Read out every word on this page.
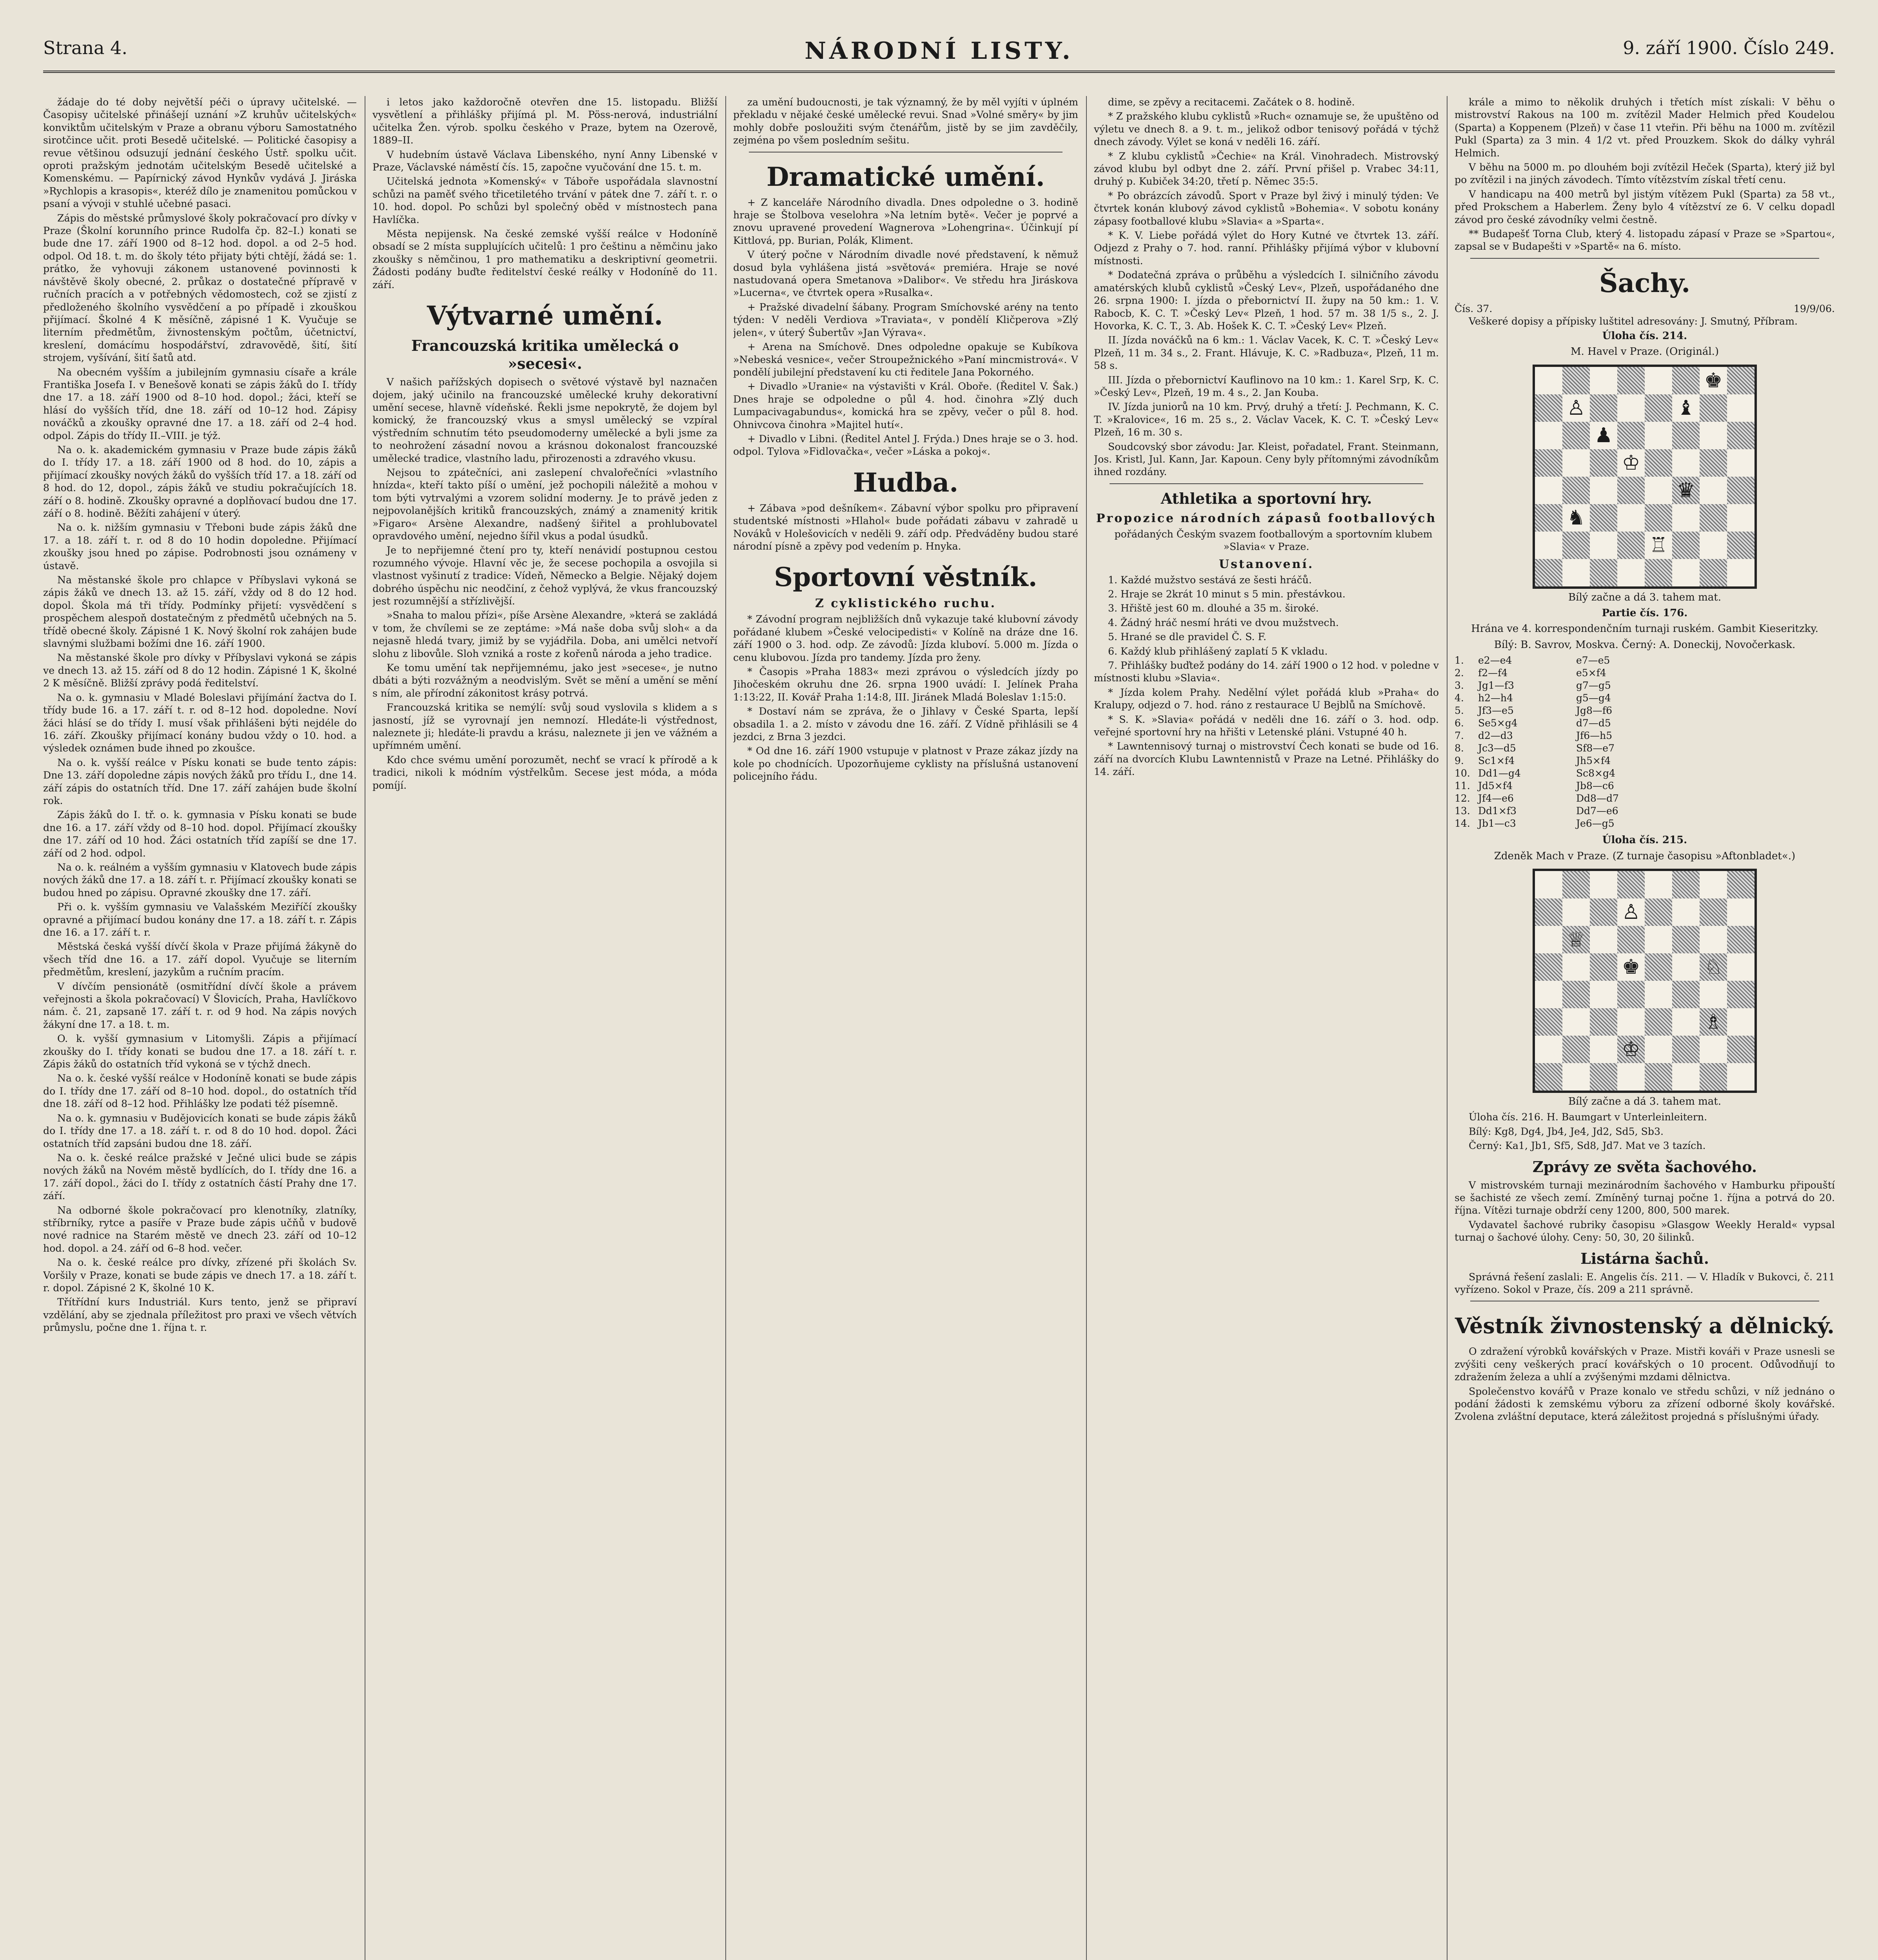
Strana 4.	NÁRODNÍ LISTY.	9. září 1900. Číslo 249.

žádaje do té doby největší péči o úpravy učitelské. — Časopisy učitelské přinášejí uznání »Z kruhův učitelských« konviktům učitelským v Praze a obranu výboru Samostatného sirotčince učit. proti Besedě učitelské. — Politické časopisy a revue většinou odsuzují jednání českého Ústř. spolku učit. oproti pražským jednotám učitelským Besedě učitelské a Komenskému. — Papírnický závod Hynkův vydává J. Jiráska »Rychlopis a krasopis«, kteréž dílo je znamenitou pomůckou v psaní a vývoji v stuhlé učebné pasaci.

Zápis do městské průmyslové školy pokračovací pro dívky v Praze (Školní korunního prince Rudolfa čp. 82–I.) konati se bude dne 17. září 1900 od 8–12 hod. dopol. a od 2–5 hod. odpol. Od 18. t. m. do školy této přijaty býti chtějí, žádá se: 1. prátko, že vyhovuji zákonem ustanovené povinnosti k návštěvě školy obecné, 2. průkaz o dostatečné přípravě v ručních pracích a v potřebných vědomostech, což se zjistí z předloženého školního vysvědčení a po případě i zkouškou přijímací. Školné 4 K měsíčně, zápisné 1 K. Vyučuje se literním předmětům, živnostenským počtům, účetnictví, kreslení, domácímu hospodářství, zdravovědě, šití, šití strojem, vyšívání, šití šatů atd.

Na obecném vyšším a jubilejním gymnasiu císaře a krále Františka Josefa I. v Benešově konati se zápis žáků do I. třídy dne 17. a 18. září 1900 od 8–10 hod. dopol.; žáci, kteří se hlásí do vyšších tříd, dne 18. září od 10–12 hod. Zápisy nováčků a zkoušky opravné dne 17. a 18. září od 2–4 hod. odpol. Zápis do třídy II.–VIII. je týž.

Na o. k. akademickém gymnasiu v Praze bude zápis žáků do I. třídy 17. a 18. září 1900 od 8 hod. do 10, zápis a přijímací zkoušky nových žáků do vyšších tříd 17. a 18. září od 8 hod. do 12, dopol., zápis žáků ve studiu pokračujících 18. září o 8. hodině. Zkoušky opravné a doplňovací budou dne 17. září o 8. hodině. Běžíti zahájení v úterý.

Na o. k. nižším gymnasiu v Třeboni bude zápis žáků dne 17. a 18. září t. r. od 8 do 10 hodin dopoledne. Přijímací zkoušky jsou hned po zápise. Podrobnosti jsou oznámeny v ústavě.

Na městanské škole pro chlapce v Příbyslavi vykoná se zápis žáků ve dnech 13. až 15. září, vždy od 8 do 12 hod. dopol. Škola má tři třídy. Podmínky přijetí: vysvědčení s prospěchem alespoň dostatečným z předmětů učebných na 5. třídě obecné školy. Zápisné 1 K. Nový školní rok zahájen bude slavnými službami božími dne 16. září 1900.

Na městanské škole pro dívky v Příbyslavi vykoná se zápis ve dnech 13. až 15. září od 8 do 12 hodin. Zápisné 1 K, školné 2 K měsíčně. Bližší zprávy podá ředitelství.

Na o. k. gymnasiu v Mladé Boleslavi přijímání žactva do I. třídy bude 16. a 17. září t. r. od 8–12 hod. dopoledne. Noví žáci hlásí se do třídy I. musí však přihlášeni býti nejdéle do 16. září. Zkoušky přijímací konány budou vždy o 10. hod. a výsledek oznámen bude ihned po zkoušce.

Na o. k. vyšší reálce v Písku konati se bude tento zápis: Dne 13. září dopoledne zápis nových žáků pro třídu I., dne 14. září zápis do ostatních tříd. Dne 17. září zahájen bude školní rok.

Zápis žáků do I. tř. o. k. gymnasia v Písku konati se bude dne 16. a 17. září vždy od 8–10 hod. dopol. Přijímací zkoušky dne 17. září od 10 hod. Žáci ostatních tříd zapíší se dne 17. září od 2 hod. odpol.

Na o. k. reálném a vyšším gymnasiu v Klatovech bude zápis nových žáků dne 17. a 18. září t. r. Přijímací zkoušky konati se budou hned po zápisu. Opravné zkoušky dne 17. září.

Při o. k. vyšším gymnasiu ve Valašském Meziříčí zkoušky opravné a přijímací budou konány dne 17. a 18. září t. r. Zápis dne 16. a 17. září t. r.

Městská česká vyšší dívčí škola v Praze přijímá žákyně do všech tříd dne 16. a 17. září dopol. Vyučuje se literním předmětům, kreslení, jazykům a ručním pracím.

V dívčím pensionátě (osmitřídní dívčí škole a právem veřejnosti a škola pokračovací) V Šlovicích, Praha, Havlíčkovo nám. č. 21, zapsaně 17. září t. r. od 9 hod. Na zápis nových žákyní dne 17. a 18. t. m.

O. k. vyšší gymnasium v Litomyšli. Zápis a přijímací zkoušky do I. třídy konati se budou dne 17. a 18. září t. r. Zápis žáků do ostatních tříd vykoná se v týchž dnech.

Na o. k. české vyšší reálce v Hodoníně konati se bude zápis do I. třídy dne 17. září od 8–10 hod. dopol., do ostatních tříd dne 18. září od 8–12 hod. Přihlášky lze podati též písemně.

Na o. k. gymnasiu v Budějovicích konati se bude zápis žáků do I. třídy dne 17. a 18. září t. r. od 8 do 10 hod. dopol. Žáci ostatních tříd zapsáni budou dne 18. září.

Na o. k. české reálce pražské v Ječné ulici bude se zápis nových žáků na Novém městě bydlících, do I. třídy dne 16. a 17. září dopol., žáci do I. třídy z ostatních částí Prahy dne 17. září.

Na odborné škole pokračovací pro klenotníky, zlatníky, stříbrníky, rytce a pasíře v Praze bude zápis učňů v budově nové radnice na Starém městě ve dnech 23. září od 10–12 hod. dopol. a 24. září od 6–8 hod. večer.

Na o. k. české reálce pro dívky, zřízené při školách Sv. Voršily v Praze, konati se bude zápis ve dnech 17. a 18. září t. r. dopol. Zápisné 2 K, školné 10 K.

Třítřídní kurs Industriál. Kurs tento, jenž se připraví vzdělání, aby se zjednala příležitost pro praxi ve všech větvích průmyslu, počne dne 1. října t. r.

i letos jako každoročně otevřen dne 15. listopadu. Bližší vysvětlení a přihlášky přijímá pl. M. Pöss-nerová, industriální učitelka Žen. výrob. spolku českého v Praze, bytem na Ozerově, 1889–II.

V hudebním ústavě Václava Libenského, nyní Anny Libenské v Praze, Václavské náměstí čís. 15, započne vyučování dne 15. t. m.

Učitelská jednota »Komenský« v Táboře uspořádala slavnostní schůzi na paměť svého třicetiletého trvání v pátek dne 7. září t. r. o 10. hod. dopol. Po schůzi byl společný oběd v místnostech pana Havlíčka.

Města nepijensk. Na české zemské vyšší reálce v Hodoníně obsadí se 2 místa supplujících učitelů: 1 pro češtinu a němčinu jako zkoušky s němčinou, 1 pro mathematiku a deskriptivní geometrii. Žádosti podány buďte ředitelství české reálky v Hodoníně do 11. září.

Výtvarné umění.
Francouzská kritika umělecká o »secesi«.

V našich pařížských dopisech o světové výstavě byl naznačen dojem, jaký učinilo na francouzské umělecké kruhy dekorativní umění secese, hlavně vídeňské. Řekli jsme nepokrytě, že dojem byl komický, že francouzský vkus a smysl umělecký se vzpíral výstředním schnutím této pseudomoderny umělecké a byli jsme za to neohrožení zásadní novou a krásnou dokonalost francouzské umělecké tradice, vlastního ladu, přirozenosti a zdravého vkusu.

Nejsou to zpátečníci, ani zaslepení chvalořečníci »vlastního hnízda«, kteří takto píší o umění, jež pochopili náležitě a mohou v tom býti vytrvalými a vzorem solidní moderny. Je to právě jeden z nejpovolanějších kritiků francouzských, známý a znamenitý kritik »Figaro« Arsène Alexandre, nadšený šiřitel a prohlubovatel opravdového umění, nejedno šířil vkus a podal úsudků.

Je to nepřijemné čtení pro ty, kteří nenávidí postupnou cestou rozumného vývoje. Hlavní věc je, že secese pochopila a osvojila si vlastnost vyšinutí z tradice: Vídeň, Německo a Belgie. Nějaký dojem dobrého úspěchu nic neodčiní, z čehož vyplývá, že vkus francouzský jest rozumnější a střízlivější.

»Snaha to malou přízi«, píše Arsène Alexandre, »která se zakládá v tom, že chvílemi se ze zeptáme: »Má naše doba svůj sloh« a da nejasně hledá tvary, jimiž by se vyjádřila. Doba, ani umělci netvoří slohu z libovůle. Sloh vzniká a roste z kořenů národa a jeho tradice.

Ke tomu umění tak nepřijemnému, jako jest »secese«, je nutno dbáti a býti rozvážným a neodvislým. Svět se mění a umění se mění s ním, ale přírodní zákonitost krásy potrvá.

Francouzská kritika se nemýlí: svůj soud vyslovila s klidem a s jasností, jíž se vyrovnají jen nemnozí. Hledáte-li výstřednost, naleznete ji; hledáte-li pravdu a krásu, naleznete ji jen ve vážném a upřímném umění.

Kdo chce svému umění porozumět, nechť se vrací k přírodě a k tradici, nikoli k módním výstřelkům. Secese jest móda, a móda pomíjí.

za umění budoucnosti, je tak významný, že by měl vyjíti v úplném překladu v nějaké české umělecké revui. Snad »Volné směry« by jim mohly dobře posloužiti svým čtenářům, jistě by se jim zavděčily, zejména po všem posledním sešitu.

Dramatické umění.

+ Z kanceláře Národního divadla. Dnes odpoledne o 3. hodině hraje se Štolbova veselohra »Na letním bytě«. Večer je poprvé a znovu upravené provedení Wagnerova »Lohengrina«. Účinkují pí Kittlová, pp. Burian, Polák, Kliment.

V úterý počne v Národním divadle nové představení, k němuž dosud byla vyhlášena jistá »světová« premiéra. Hraje se nové nastudovaná opera Smetanova »Dalibor«. Ve středu hra Jiráskova »Lucerna«, ve čtvrtek opera »Rusalka«.

+ Pražské divadelní šábany. Program Smíchovské arény na tento týden: V neděli Verdiova »Traviata«, v pondělí Kličperova »Zlý jelen«, v úterý Šubertův »Jan Výrava«.

+ Arena na Smíchově. Dnes odpoledne opakuje se Kubíkova »Nebeská vesnice«, večer Stroupežnického »Paní mincmistrová«. V pondělí jubilejní představení ku cti ředitele Jana Pokorného.

+ Divadlo »Uranie« na výstavišti v Král. Oboře. (Ředitel V. Šak.) Dnes hraje se odpoledne o půl 4. hod. činohra »Zlý duch Lumpacivagabundus«, komická hra se zpěvy, večer o půl 8. hod. Ohnivcova činohra »Majitel hutí«.

+ Divadlo v Libni. (Ředitel Antel J. Frýda.) Dnes hraje se o 3. hod. odpol. Tylova »Fidlovačka«, večer »Láska a pokoj«.

Hudba.

+ Zábava »pod dešníkem«. Zábavní výbor spolku pro připravení studentské místnosti »Hlahol« bude pořádati zábavu v zahradě u Nováků v Holešovicích v neděli 9. září odp. Předváděny budou staré národní písně a zpěvy pod vedením p. Hnyka.

Sportovní věstník.
Z cyklistického ruchu.

* Závodní program nejbližších dnů vykazuje také klubovní závody pořádané klubem »České velocipedisti« v Kolíně na dráze dne 16. září 1900 o 3. hod. odp. Ze závodů: Jízda kluboví. 5.000 m. Jízda o cenu klubovou. Jízda pro tandemy. Jízda pro ženy.

* Časopis »Praha 1883« mezi zprávou o výsledcích jízdy po Jihočeském okruhu dne 26. srpna 1900 uvádí: I. Jelínek Praha 1:13:22, II. Kovář Praha 1:14:8, III. Jiránek Mladá Boleslav 1:15:0.

* Dostaví nám se zpráva, že o Jihlavy v České Sparta, lepší obsadila 1. a 2. místo v závodu dne 16. září. Z Vídně přihlásili se 4 jezdci, z Brna 3 jezdci.

* Od dne 16. září 1900 vstupuje v platnost v Praze zákaz jízdy na kole po chodnících. Upozorňujeme cyklisty na příslušná ustanovení policejního řádu.

dime, se zpěvy a recitacemi. Začátek o 8. hodině.

* Z pražského klubu cyklistů »Ruch« oznamuje se, že upuštěno od výletu ve dnech 8. a 9. t. m., jelikož odbor tenisový pořádá v týchž dnech závody. Výlet se koná v neděli 16. září.

* Z klubu cyklistů »Čechie« na Král. Vinohradech. Mistrovský závod klubu byl odbyt dne 2. září. První přišel p. Vrabec 34:11, druhý p. Kubiček 34:20, třetí p. Němec 35:5.

* Po obrázcích závodů. Sport v Praze byl živý i minulý týden: Ve čtvrtek konán klubový závod cyklistů »Bohemia«. V sobotu konány zápasy footballové klubu »Slavia« a »Sparta«.

* K. V. Liebe pořádá výlet do Hory Kutné ve čtvrtek 13. září. Odjezd z Prahy o 7. hod. ranní. Přihlášky přijímá výbor v klubovní místnosti.

* Dodatečná zpráva o průběhu a výsledcích I. silničního závodu amatérských klubů cyklistů »Český Lev«, Plzeň, uspořádaného dne 26. srpna 1900: I. jízda o přebornictví II. župy na 50 km.: 1. V. Rabocb, K. C. T. »Český Lev« Plzeň, 1 hod. 57 m. 38 1/5 s., 2. J. Hovorka, K. C. T., 3. Ab. Hošek K. C. T. »Český Lev« Plzeň.

II. Jízda nováčků na 6 km.: 1. Václav Vacek, K. C. T. »Český Lev« Plzeň, 11 m. 34 s., 2. Frant. Hlávuje, K. C. »Radbuza«, Plzeň, 11 m. 58 s.

III. Jízda o přebornictví Kauflinovo na 10 km.: 1. Karel Srp, K. C. »Český Lev«, Plzeň, 19 m. 4 s., 2. Jan Kouba.

IV. Jízda juniorů na 10 km. Prvý, druhý a třetí: J. Pechmann, K. C. T. »Kralovice«, 16 m. 25 s., 2. Václav Vacek, K. C. T. »Český Lev« Plzeň, 16 m. 30 s.

Soudcovský sbor závodu: Jar. Kleist, pořadatel, Frant. Steinmann, Jos. Kristl, Jul. Kann, Jar. Kapoun. Ceny byly přítomnými závodníkům ihned rozdány.

Athletika a sportovní hry.
Propozice národních zápasů footballových

pořádaných Českým svazem footballovým a sportovním klubem »Slavia« v Praze.

Ustanovení.

1. Každé mužstvo sestává ze šesti hráčů.

2. Hraje se 2krát 10 minut s 5 min. přestávkou.

3. Hřiště jest 60 m. dlouhé a 35 m. široké.

4. Žádný hráč nesmí hráti ve dvou mužstvech.

5. Hrané se dle pravidel Č. S. F.

6. Každý klub přihlášený zaplatí 5 K vkladu.

7. Přihlášky buďtež podány do 14. září 1900 o 12 hod. v poledne v místnosti klubu »Slavia«.

* Jízda kolem Prahy. Nedělní výlet pořádá klub »Praha« do Kralupy, odjezd o 7. hod. ráno z restaurace U Bejblů na Smíchově.

* S. K. »Slavia« pořádá v neděli dne 16. září o 3. hod. odp. veřejné sportovní hry na hřišti v Letenské pláni. Vstupné 40 h.

* Lawntennisový turnaj o mistrovství Čech konati se bude od 16. září na dvorcích Klubu Lawntennistů v Praze na Letné. Přihlášky do 14. září.

krále a mimo to několik druhých i třetích míst získali: V běhu o mistrovství Rakous na 100 m. zvítězil Mader Helmich před Koudelou (Sparta) a Koppenem (Plzeň) v čase 11 vteřin. Při běhu na 1000 m. zvítězil Pukl (Sparta) za 3 min. 4 1/2 vt. před Prouzkem. Skok do dálky vyhrál Helmich.

V běhu na 5000 m. po dlouhém boji zvítězil Heček (Sparta), který již byl po zvítězil i na jiných závodech. Tímto vítězstvím získal třetí cenu.

V handicapu na 400 metrů byl jistým vítězem Pukl (Sparta) za 58 vt., před Prokschem a Haberlem. Ženy bylo 4 vítězství ze 6. V celku dopadl závod pro české závodníky velmi čestně.

** Budapešť Torna Club, který 4. listopadu zápasí v Praze se »Spartou«, zapsal se v Budapešti v »Spartě« na 6. místo.

Šachy.
Čís. 37.	19/9/06.

Veškeré dopisy a přípisky luštitel adresovány: J. Smutný, Příbram.

Úloha čís. 214.
M. Havel v Praze. (Originál.)
♚
♙	♝
♟
♔
♛
♞
♖
Bílý začne a dá 3. tahem mat.
Partie čís. 176.
Hrána ve 4. korrespondenčním turnaji ruském. Gambit Kieseritzky.
Bílý: B. Savrov, Moskva. Černý: A. Doneckij, Novočerkask.
1.	e2—e4	e7—e5
2.	f2—f4	e5×f4
3.	Jg1—f3	g7—g5
4.	h2—h4	g5—g4
5.	Jf3—e5	Jg8—f6
6.	Se5×g4	d7—d5
7.	d2—d3	Jf6—h5
8.	Jc3—d5	Sf8—e7
9.	Sc1×f4	Jh5×f4
10. Dd1—g4	Sc8×g4
11. Jd5×f4	Jb8—c6
12. Jf4—e6	Dd8—d7
13. Dd1×f3	Dd7—e6
14. Jb1—c3	Je6—g5
Úloha čís. 215.
Zdeněk Mach v Praze. (Z turnaje časopisu »Aftonbladet«.)
♙
♕
♚	♘
♗
♔
Bílý začne a dá 3. tahem mat.

Úloha čís. 216. H. Baumgart v Unterleinleitern.

Bílý: Kg8, Dg4, Jb4, Je4, Jd2, Sd5, Sb3.

Černý: Ka1, Jb1, Sf5, Sd8, Jd7. Mat ve 3 tazích.

Zprávy ze světa šachového.

V mistrovském turnaji mezinárodním šachového v Hamburku připouští se šachisté ze všech zemí. Zmíněný turnaj počne 1. října a potrvá do 20. října. Vítězi turnaje obdrží ceny 1200, 800, 500 marek.

Vydavatel šachové rubriky časopisu »Glasgow Weekly Herald« vypsal turnaj o šachové úlohy. Ceny: 50, 30, 20 šilinků.

Listárna šachů.

Správná řešení zaslali: E. Angelis čís. 211. — V. Hladík v Bukovci, č. 211 vyřízeno. Sokol v Praze, čís. 209 a 211 správně.

Věstník živnostenský a dělnický.

O zdražení výrobků kovářských v Praze. Mistři kováři v Praze usnesli se zvýšiti ceny veškerých prací kovářských o 10 procent. Odůvodňují to zdražením železa a uhlí a zvýšenými mzdami dělnictva.

Společenstvo kovářů v Praze konalo ve středu schůzi, v níž jednáno o podání žádosti k zemskému výboru za zřízení odborné školy kovářské. Zvolena zvláštní deputace, která záležitost projedná s příslušnými úřady.
